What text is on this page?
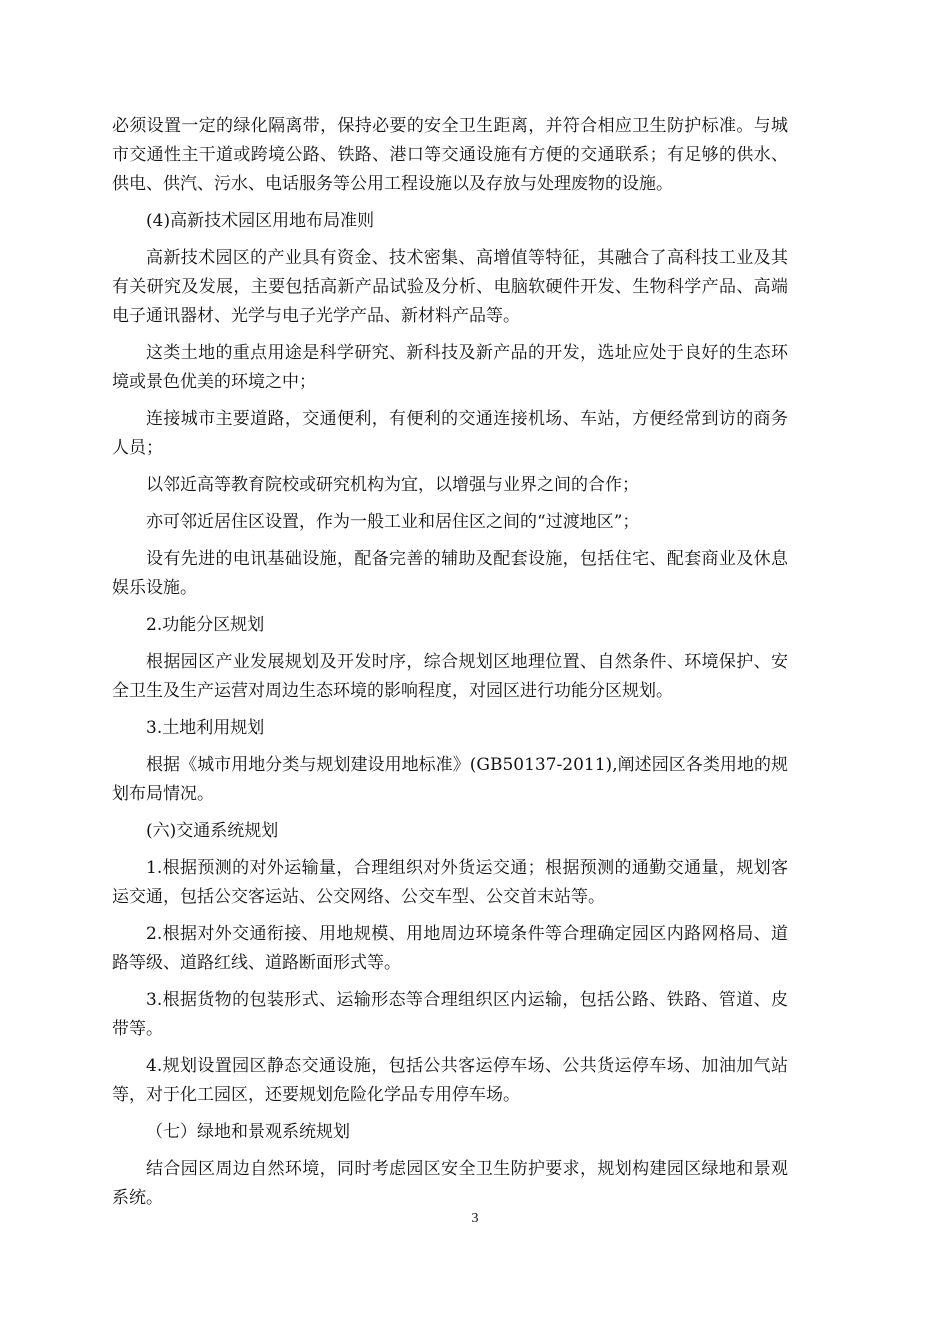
必须设置一定的绿化隔离带，保持必要的安全卫生距离，并符合相应卫生防护标准。与城市交通性主干道或跨境公路、铁路、港口等交通设施有方便的交通联系；有足够的供水、供电、供汽、污水、电话服务等公用工程设施以及存放与处理废物的设施。

(4)高新技术园区用地布局准则

高新技术园区的产业具有资金、技术密集、高增值等特征，其融合了高科技工业及其有关研究及发展，主要包括高新产品试验及分析、电脑软硬件开发、生物科学产品、高端电子通讯器材、光学与电子光学产品、新材料产品等。

这类土地的重点用途是科学研究、新科技及新产品的开发，选址应处于良好的生态环境或景色优美的环境之中；

连接城市主要道路，交通便利，有便利的交通连接机场、车站，方便经常到访的商务人员；

以邻近高等教育院校或研究机构为宜，以增强与业界之间的合作；

亦可邻近居住区设置，作为一般工业和居住区之间的“过渡地区”；

设有先进的电讯基础设施，配备完善的辅助及配套设施，包括住宅、配套商业及休息娱乐设施。

2.功能分区规划

根据园区产业发展规划及开发时序，综合规划区地理位置、自然条件、环境保护、安全卫生及生产运营对周边生态环境的影响程度，对园区进行功能分区规划。

3.土地利用规划

根据《城市用地分类与规划建设用地标准》(GB50137-2011),阐述园区各类用地的规划布局情况。

(六)交通系统规划

1.根据预测的对外运输量，合理组织对外货运交通；根据预测的通勤交通量，规划客运交通，包括公交客运站、公交网络、公交车型、公交首末站等。

2.根据对外交通衔接、用地规模、用地周边环境条件等合理确定园区内路网格局、道路等级、道路红线、道路断面形式等。

3.根据货物的包装形式、运输形态等合理组织区内运输，包括公路、铁路、管道、皮带等。

4.规划设置园区静态交通设施，包括公共客运停车场、公共货运停车场、加油加气站等，对于化工园区，还要规划危险化学品专用停车场。

（七）绿地和景观系统规划

结合园区周边自然环境，同时考虑园区安全卫生防护要求，规划构建园区绿地和景观系统。

3
